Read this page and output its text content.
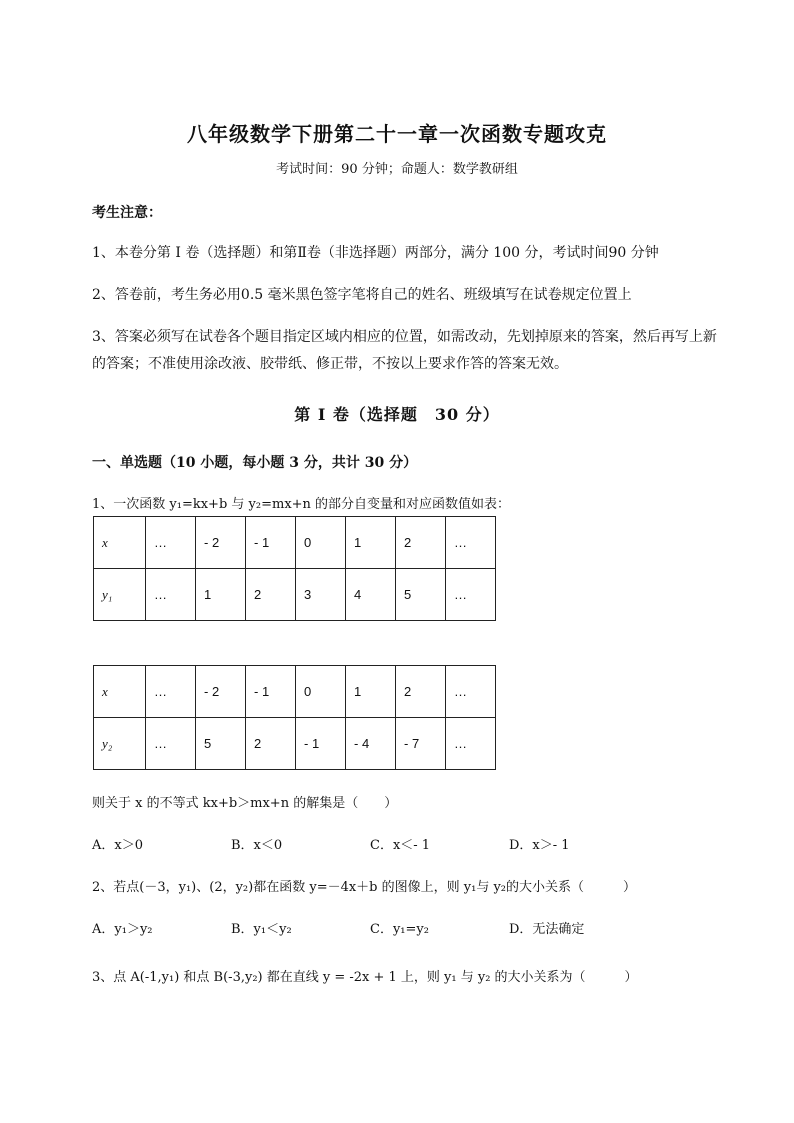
八年级数学下册第二十一章一次函数专题攻克
考试时间：90 分钟；命题人：数学教研组
考生注意：
1、本卷分第 I 卷（选择题）和第Ⅱ卷（非选择题）两部分，满分 100 分，考试时间90 分钟
2、答卷前，考生务必用0.5 毫米黑色签字笔将自己的姓名、班级填写在试卷规定位置上
3、答案必须写在试卷各个题目指定区域内相应的位置，如需改动，先划掉原来的答案，然后再写上新
的答案；不准使用涂改液、胶带纸、修正带，不按以上要求作答的答案无效。
第 I 卷（选择题　30 分）
一、单选题（10 小题，每小题 3 分，共计 30 分）
1、一次函数 y₁=kx+b 与 y₂=mx+n 的部分自变量和对应函数值如表：
x	…	- 2	- 1	0	1	2	…
y₁	…	1	2	3	4	5	…
x	…	- 2	- 1	0	1	2	…
y₂	…	5	2	- 1	- 4	- 7	…
则关于 x 的不等式 kx+b＞mx+n 的解集是（　　）
A．x＞0	B．x＜0	C．x＜- 1	D．x＞- 1
2、若点(－3，y₁)、(2，y₂)都在函数 y=－4x＋b 的图像上，则 y₁与 y₂的大小关系（　　　）
A．y₁＞y₂	B．y₁＜y₂	C．y₁=y₂	D．无法确定
3、点 A(-1,y₁) 和点 B(-3,y₂) 都在直线 y = -2x + 1 上，则 y₁ 与 y₂ 的大小关系为（　　　）
